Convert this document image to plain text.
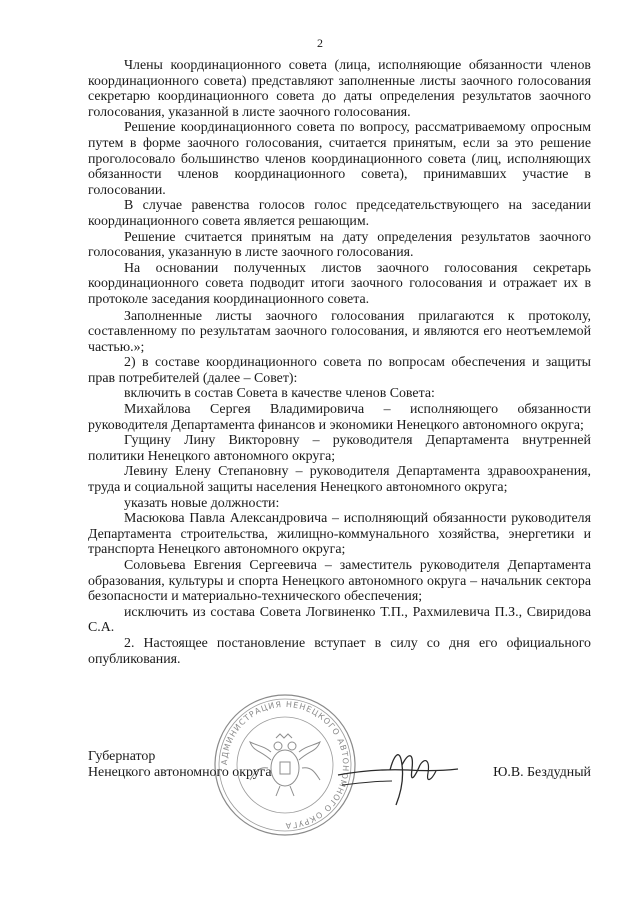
2

Члены координационного совета (лица, исполняющие обязанности членов координационного совета) представляют заполненные листы заочного голосования секретарю координационного совета до даты определения результатов заочного голосования, указанной в листе заочного голосования.

Решение координационного совета по вопросу, рассматриваемому опросным путем в форме заочного голосования, считается принятым, если за это решение проголосовало большинство членов координационного совета (лиц, исполняющих обязанности членов координационного совета), принимавших участие в голосовании.

В случае равенства голосов голос председательствующего на заседании координационного совета является решающим.

Решение считается принятым на дату определения результатов заочного голосования, указанную в листе заочного голосования.

На основании полученных листов заочного голосования секретарь координационного совета подводит итоги заочного голосования и отражает их в протоколе заседания координационного совета.

Заполненные листы заочного голосования прилагаются к протоколу, составленному по результатам заочного голосования, и являются его неотъемлемой частью.»;

2) в составе координационного совета по вопросам обеспечения и защиты прав потребителей (далее – Совет):

включить в состав Совета в качестве членов Совета:

Михайлова Сергея Владимировича – исполняющего обязанности руководителя Департамента финансов и экономики Ненецкого автономного округа;

Гущину Лину Викторовну – руководителя Департамента внутренней политики Ненецкого автономного округа;

Левину Елену Степановну – руководителя Департамента здравоохранения, труда и социальной защиты населения Ненецкого автономного округа;

указать новые должности:

Масюкова Павла Александровича – исполняющий обязанности руководителя Департамента строительства, жилищно-коммунального хозяйства, энергетики и транспорта Ненецкого автономного округа;

Соловьева Евгения Сергеевича – заместитель руководителя Департамента образования, культуры и спорта Ненецкого автономного округа – начальник сектора безопасности и материально-технического обеспечения;

исключить из состава Совета Логвиненко Т.П., Рахмилевича П.З., Свиридова С.А.

2. Настоящее постановление вступает в силу со дня его официального опубликования.

АДМИНИСТРАЦИЯ НЕНЕЦКОГО АВТОНОМНОГО ОКРУГА
Губернатор
Ненецкого автономного округа	Ю.В. Бездудный
